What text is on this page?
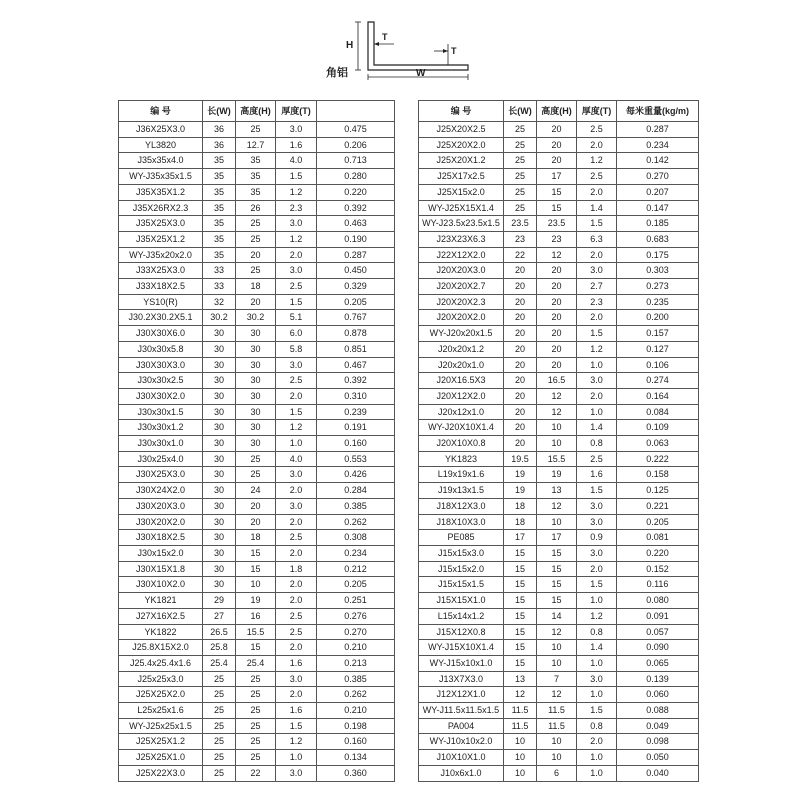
H
T
T
W
角铝
编 号	长(W)	高度(H)	厚度(T)	
J36X25X3.0	36	25	3.0	0.475
YL3820	36	12.7	1.6	0.206
J35x35x4.0	35	35	4.0	0.713
WY-J35x35x1.5	35	35	1.5	0.280
J35X35X1.2	35	35	1.2	0.220
J35X26RX2.3	35	26	2.3	0.392
J35X25X3.0	35	25	3.0	0.463
J35X25X1.2	35	25	1.2	0.190
WY-J35x20x2.0	35	20	2.0	0.287
J33X25X3.0	33	25	3.0	0.450
J33X18X2.5	33	18	2.5	0.329
YS10(R)	32	20	1.5	0.205
J30.2X30.2X5.1	30.2	30.2	5.1	0.767
J30X30X6.0	30	30	6.0	0.878
J30x30x5.8	30	30	5.8	0.851
J30X30X3.0	30	30	3.0	0.467
J30x30x2.5	30	30	2.5	0.392
J30X30X2.0	30	30	2.0	0.310
J30x30x1.5	30	30	1.5	0.239
J30x30x1.2	30	30	1.2	0.191
J30x30x1.0	30	30	1.0	0.160
J30x25x4.0	30	25	4.0	0.553
J30X25X3.0	30	25	3.0	0.426
J30X24X2.0	30	24	2.0	0.284
J30X20X3.0	30	20	3.0	0.385
J30X20X2.0	30	20	2.0	0.262
J30X18X2.5	30	18	2.5	0.308
J30x15x2.0	30	15	2.0	0.234
J30X15X1.8	30	15	1.8	0.212
J30X10X2.0	30	10	2.0	0.205
YK1821	29	19	2.0	0.251
J27X16X2.5	27	16	2.5	0.276
YK1822	26.5	15.5	2.5	0.270
J25.8X15X2.0	25.8	15	2.0	0.210
J25.4x25.4x1.6	25.4	25.4	1.6	0.213
J25x25x3.0	25	25	3.0	0.385
J25X25X2.0	25	25	2.0	0.262
L25x25x1.6	25	25	1.6	0.210
WY-J25x25x1.5	25	25	1.5	0.198
J25X25X1.2	25	25	1.2	0.160
J25X25X1.0	25	25	1.0	0.134
J25X22X3.0	25	22	3.0	0.360
编 号	长(W)	高度(H)	厚度(T)	每米重量(kg/m)
J25X20X2.5	25	20	2.5	0.287
J25X20X2.0	25	20	2.0	0.234
J25X20X1.2	25	20	1.2	0.142
J25X17x2.5	25	17	2.5	0.270
J25X15x2.0	25	15	2.0	0.207
WY-J25X15X1.4	25	15	1.4	0.147
WY-J23.5x23.5x1.5	23.5	23.5	1.5	0.185
J23X23X6.3	23	23	6.3	0.683
J22X12X2.0	22	12	2.0	0.175
J20X20X3.0	20	20	3.0	0.303
J20X20X2.7	20	20	2.7	0.273
J20X20X2.3	20	20	2.3	0.235
J20X20X2.0	20	20	2.0	0.200
WY-J20x20x1.5	20	20	1.5	0.157
J20x20x1.2	20	20	1.2	0.127
J20x20x1.0	20	20	1.0	0.106
J20X16.5X3	20	16.5	3.0	0.274
J20X12X2.0	20	12	2.0	0.164
J20x12x1.0	20	12	1.0	0.084
WY-J20X10X1.4	20	10	1.4	0.109
J20X10X0.8	20	10	0.8	0.063
YK1823	19.5	15.5	2.5	0.222
L19x19x1.6	19	19	1.6	0.158
J19x13x1.5	19	13	1.5	0.125
J18X12X3.0	18	12	3.0	0.221
J18X10X3.0	18	10	3.0	0.205
PE085	17	17	0.9	0.081
J15x15x3.0	15	15	3.0	0.220
J15x15x2.0	15	15	2.0	0.152
J15x15x1.5	15	15	1.5	0.116
J15X15X1.0	15	15	1.0	0.080
L15x14x1.2	15	14	1.2	0.091
J15X12X0.8	15	12	0.8	0.057
WY-J15X10X1.4	15	10	1.4	0.090
WY-J15x10x1.0	15	10	1.0	0.065
J13X7X3.0	13	7	3.0	0.139
J12X12X1.0	12	12	1.0	0.060
WY-J11.5x11.5x1.5	11.5	11.5	1.5	0.088
PA004	11.5	11.5	0.8	0.049
WY-J10x10x2.0	10	10	2.0	0.098
J10X10X1.0	10	10	1.0	0.050
J10x6x1.0	10	6	1.0	0.040
